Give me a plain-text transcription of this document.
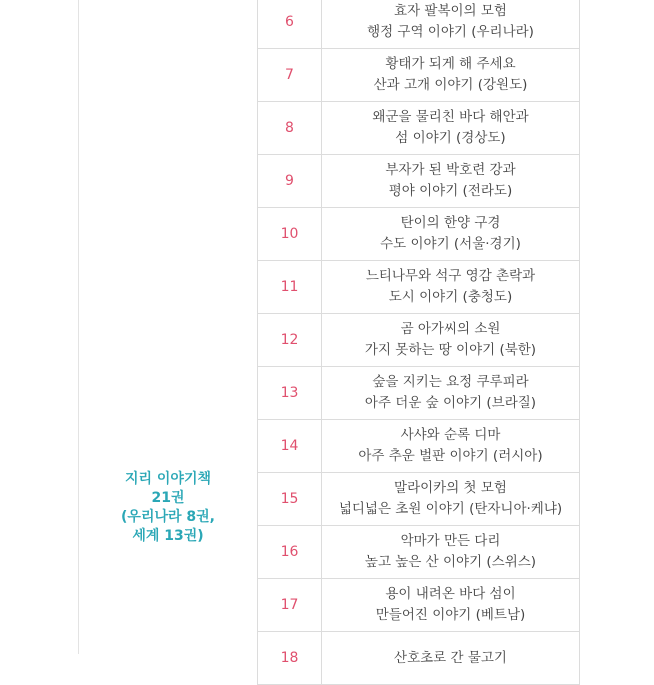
지리 이야기책
21권
(우리나라 8권,
세계 13권)
6
효자 팔복이의 모험
행정 구역 이야기 (우리나라)
7
황태가 되게 해 주세요
산과 고개 이야기 (강원도)
8
왜군을 물리친 바다 해안과
섬 이야기 (경상도)
9
부자가 된 박호련 강과
평야 이야기 (전라도)
10
탄이의 한양 구경
수도 이야기 (서울·경기)
11
느티나무와 석구 영감 촌락과
도시 이야기 (충청도)
12
곰 아가씨의 소원
가지 못하는 땅 이야기 (북한)
13
숲을 지키는 요정 쿠루피라
아주 더운 숲 이야기 (브라질)
14
사샤와 순록 디마
아주 추운 벌판 이야기 (러시아)
15
말라이카의 첫 모험
넓디넓은 초원 이야기 (탄자니아·케냐)
16
악마가 만든 다리
높고 높은 산 이야기 (스위스)
17
용이 내려온 바다 섬이
만들어진 이야기 (베트남)
18	산호초로 간 물고기
